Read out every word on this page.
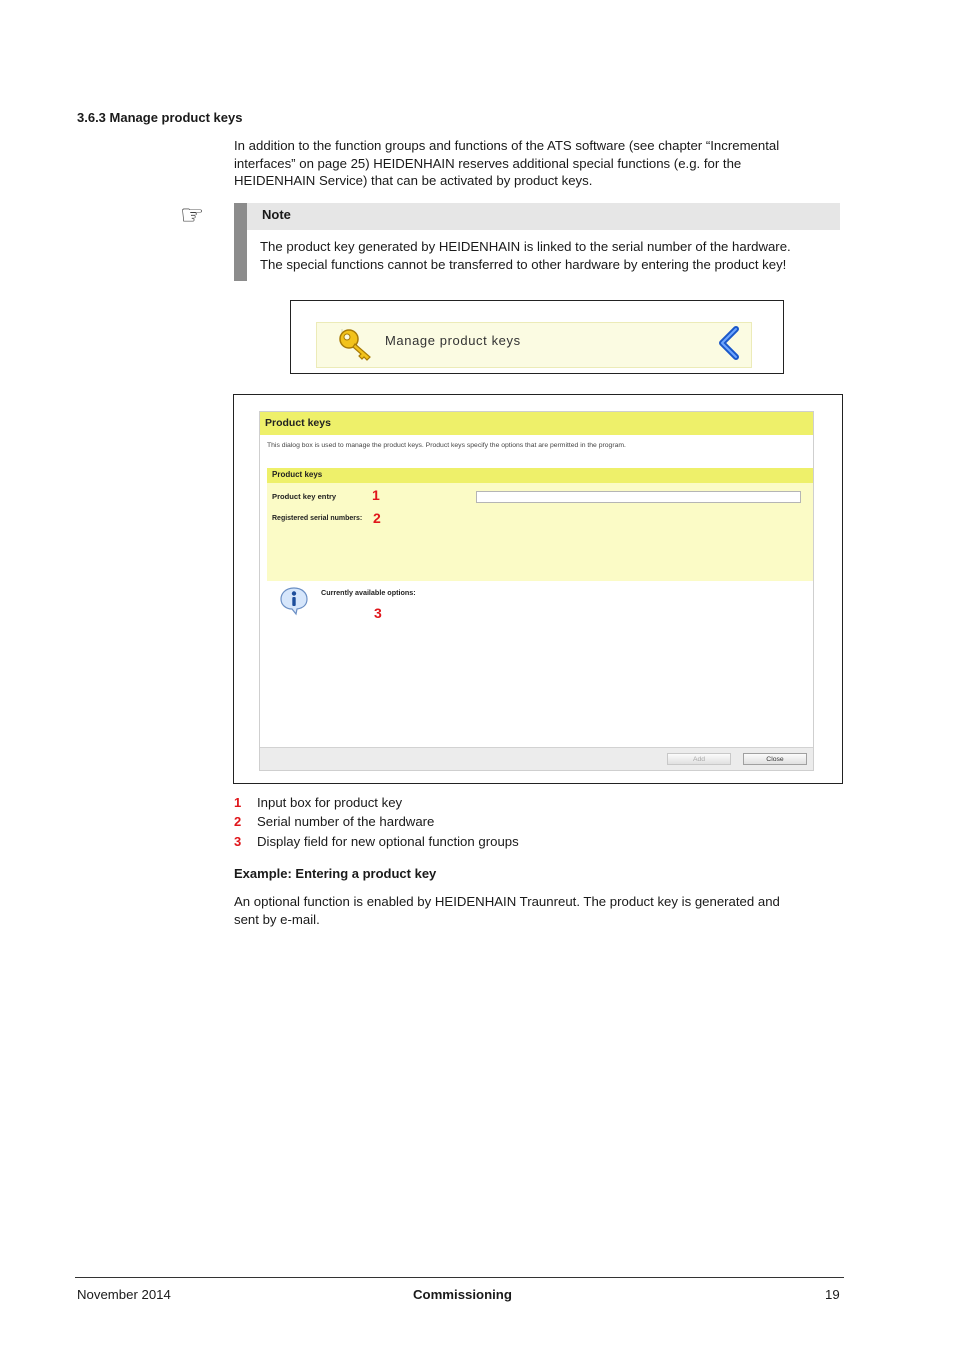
3.6.3 Manage product keys
In addition to the function groups and functions of the ATS software (see chapter “Incremental
interfaces” on page 25) HEIDENHAIN reserves additional special functions (e.g. for the
HEIDENHAIN Service) that can be activated by product keys.
☞	Note
The product key generated by HEIDENHAIN is linked to the serial number of the hardware.
The special functions cannot be transferred to other hardware by entering the product key!
Manage product keys
Product keys
This dialog box is used to manage the product keys. Product keys specify the options that are permitted in the program.
Product keys
Product key entry	1
Registered serial numbers: 2
Currently available options:
3
Add	Close
1 Input box for product key
2 Serial number of the hardware
3 Display field for new optional function groups
Example: Entering a product key
An optional function is enabled by HEIDENHAIN Traunreut. The product key is generated and
sent by e-mail.
November 2014	Commissioning	19
